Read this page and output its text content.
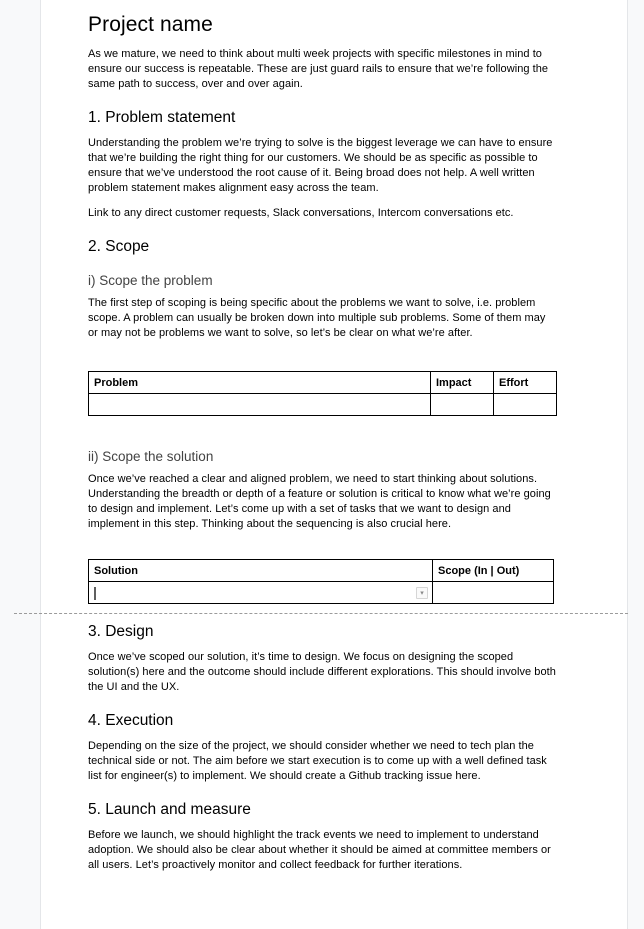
Project name

As we mature, we need to think about multi week projects with specific milestones in mind to ensure our success is repeatable. These are just guard rails to ensure that we’re following the same path to success, over and over again.

1. Problem statement

Understanding the problem we’re trying to solve is the biggest leverage we can have to ensure that we’re building the right thing for our customers. We should be as specific as possible to ensure that we’ve understood the root cause of it. Being broad does not help. A well written problem statement makes alignment easy across the team.

Link to any direct customer requests, Slack conversations, Intercom conversations etc.

2. Scope
i) Scope the problem

The first step of scoping is being specific about the problems we want to solve, i.e. problem scope. A problem can usually be broken down into multiple sub problems. Some of them may or may not be problems we want to solve, so let’s be clear on what we’re after.

Problem	Impact	Effort

ii) Scope the solution

Once we’ve reached a clear and aligned problem, we need to start thinking about solutions. Understanding the breadth or depth of a feature or solution is critical to know what we’re going to design and implement. Let’s come up with a set of tasks that we want to design and implement in this step. Thinking about the sequencing is also crucial here.

Solution	Scope (In | Out)

▾	

3. Design

Once we’ve scoped our solution, it’s time to design. We focus on designing the scoped solution(s) here and the outcome should include different explorations. This should involve both the UI and the UX.

4. Execution

Depending on the size of the project, we should consider whether we need to tech plan the technical side or not. The aim before we start execution is to come up with a well defined task list for engineer(s) to implement. We should create a Github tracking issue here.

5. Launch and measure

Before we launch, we should highlight the track events we need to implement to understand adoption. We should also be clear about whether it should be aimed at committee members or all users. Let’s proactively monitor and collect feedback for further iterations.
